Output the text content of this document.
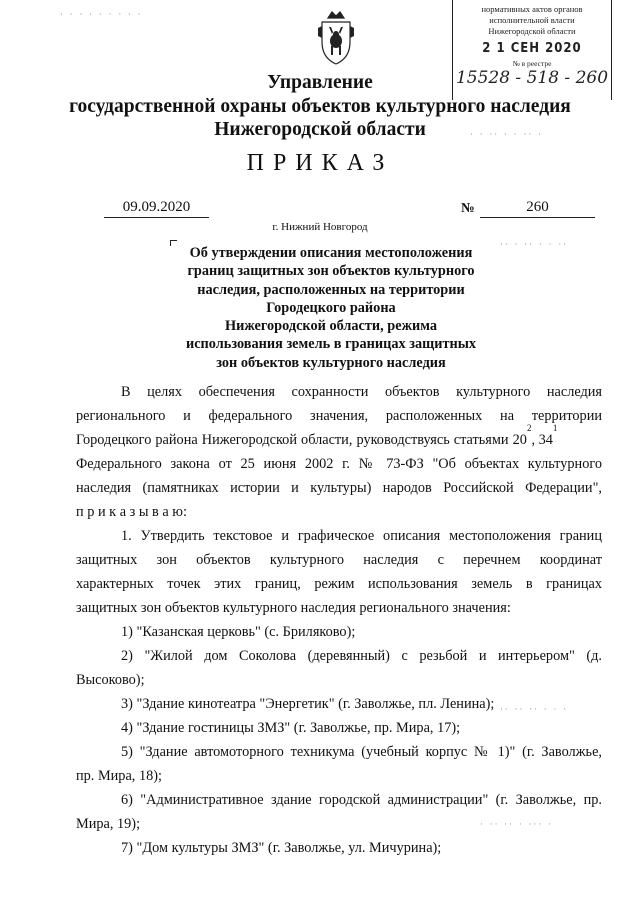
нормативных актов органов
исполнительной власти
Нижегородской области
2 1 СЕН 2020
№ в реестре
15528 - 518 - 260
· · · · · · · · ·
· · ·· · · ·· ·
·· · ·· · · ··
·· ·· ·· · · ·
· ·· ·· · ··· ·
Управление
государственной охраны объектов культурного наследия
Нижегородской области
ПРИКАЗ
09.09.2020	№	260
г. Нижний Новгород
Об утверждении описания местоположения
границ защитных зон объектов культурного
наследия, расположенных на территории
Городецкого района
Нижегородской области, режима
использования земель в границах защитных
зон объектов культурного наследия
В целях обеспечения сохранности объектов культурного наследия
регионального и федерального значения, расположенных на территории
Городецкого района Нижегородской области, руководствуясь статьями 20
2
, 34
1
Федерального закона от 25 июня 2002 г. № 73-ФЗ "Об объектах культурного
наследия (памятниках истории и культуры) народов Российской Федерации",
п р и к а з ы в а ю:
1. Утвердить текстовое и графическое описания местоположения границ
защитных зон объектов культурного наследия с перечнем координат
характерных точек этих границ, режим использования земель в границах
защитных зон объектов культурного наследия регионального значения:
1) "Казанская церковь" (с. Бриляково);
2) "Жилой дом Соколова (деревянный) с резьбой и интерьером" (д.
Высоково);
3) "Здание кинотеатра "Энергетик" (г. Заволжье, пл. Ленина);
4) "Здание гостиницы ЗМЗ" (г. Заволжье, пр. Мира, 17);
5) "Здание автомоторного техникума (учебный корпус № 1)" (г. Заволжье,
пр. Мира, 18);
6) "Административное здание городской администрации" (г. Заволжье, пр.
Мира, 19);
7) "Дом культуры ЗМЗ" (г. Заволжье, ул. Мичурина);
